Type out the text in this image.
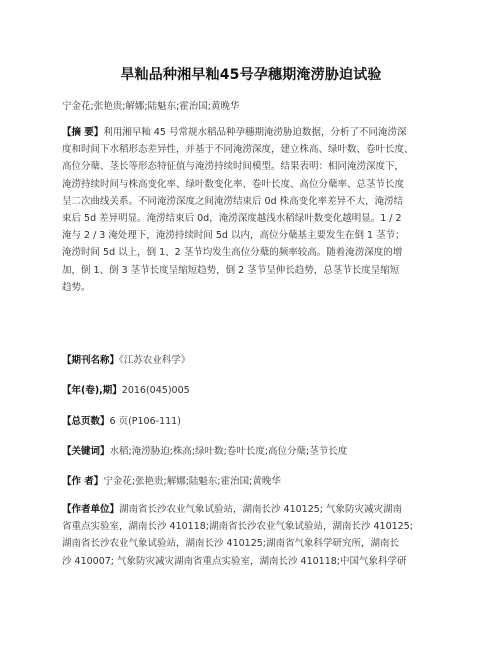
旱籼品种湘早籼45号孕穗期淹涝胁迫试验
宁金花;张艳贵;解娜;陆魁东;霍治国;黄晚华
【摘 要】利用湘早籼 45 号常规水稻品种孕穗期淹涝胁迫数据，分析了不同淹涝深
度和时间下水稻形态差异性，并基于不同淹涝深度，建立株高、绿叶数、卷叶长度、
高位分蘖、茎长等形态特征值与淹涝持续时间模型。结果表明：相同淹涝深度下，
淹涝持续时间与株高变化率、绿叶数变化率、卷叶长度、高位分蘖率、总茎节长度
呈二次曲线关系。不同淹涝深度之间淹涝结束后 0d 株高变化率差异不大，淹涝结
束后 5d 差异明显。淹涝结束后 0d，淹涝深度越浅水稻绿叶数变化越明显。1 / 2
淹与 2 / 3 淹处理下，淹涝持续时间 5d 以内，高位分蘖基主要发生在倒 1 茎节；
淹涝时间 5d 以上，倒 1、2 茎节均发生高位分蘖的频率较高。随着淹涝深度的增
加，倒 1、倒 3 茎节长度呈缩短趋势，倒 2 茎节呈伸长趋势，总茎节长度呈缩短
趋势。
【期刊名称】《江苏农业科学》
【年(卷),期】2016(045)005
【总页数】6 页(P106-111)
【关键词】水稻;淹涝胁迫;株高;绿叶数;卷叶长度;高位分蘖;茎节长度
【作 者】宁金花;张艳贵;解娜;陆魁东;霍治国;黄晚华
【作者单位】湖南省长沙农业气象试验站，湖南长沙 410125; 气象防灾减灾湖南
省重点实验室，湖南长沙 410118;湖南省长沙农业气象试验站，湖南长沙 410125;
湖南省长沙农业气象试验站，湖南长沙 410125;湖南省气象科学研究所，湖南长
沙 410007; 气象防灾减灾湖南省重点实验室，湖南长沙 410118;中国气象科学研
